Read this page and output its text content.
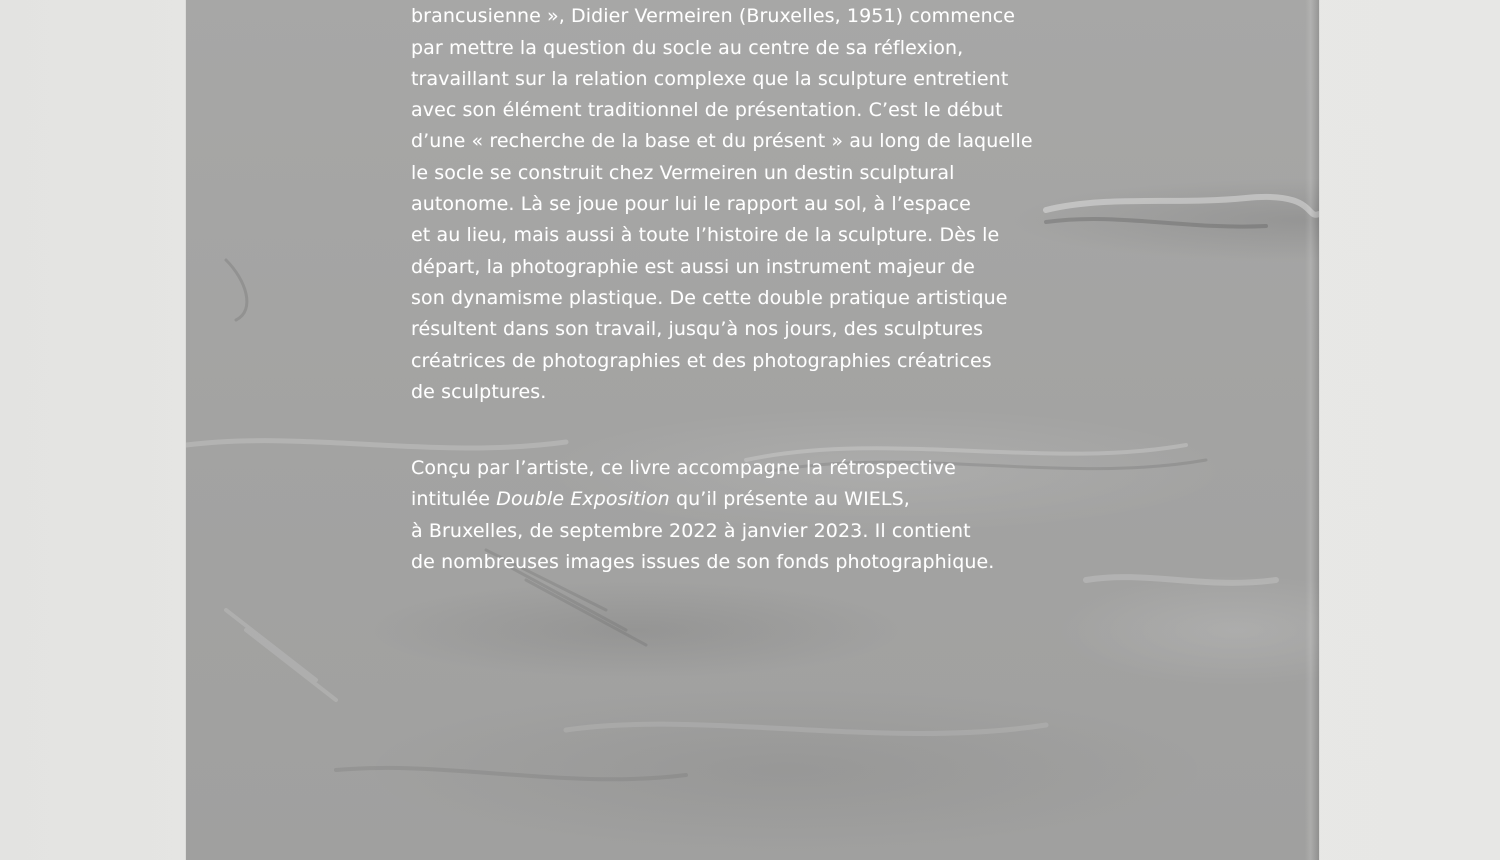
brancusienne », Didier Vermeiren (Bruxelles, 1951) commence
par mettre la question du socle au centre de sa réflexion,
travaillant sur la relation complexe que la sculpture entretient
avec son élément traditionnel de présentation. C’est le début
d’une « recherche de la base et du présent » au long de laquelle
le socle se construit chez Vermeiren un destin sculptural
autonome. Là se joue pour lui le rapport au sol, à l’espace
et au lieu, mais aussi à toute l’histoire de la sculpture. Dès le
départ, la photographie est aussi un instrument majeur de
son dynamisme plastique. De cette double pratique artistique
résultent dans son travail, jusqu’à nos jours, des sculptures
créatrices de photographies et des photographies créatrices
de sculptures.

Conçu par l’artiste, ce livre accompagne la rétrospective
intitulée Double Exposition qu’il présente au WIELS,
à Bruxelles, de septembre 2022 à janvier 2023. Il contient
de nombreuses images issues de son fonds photographique.
